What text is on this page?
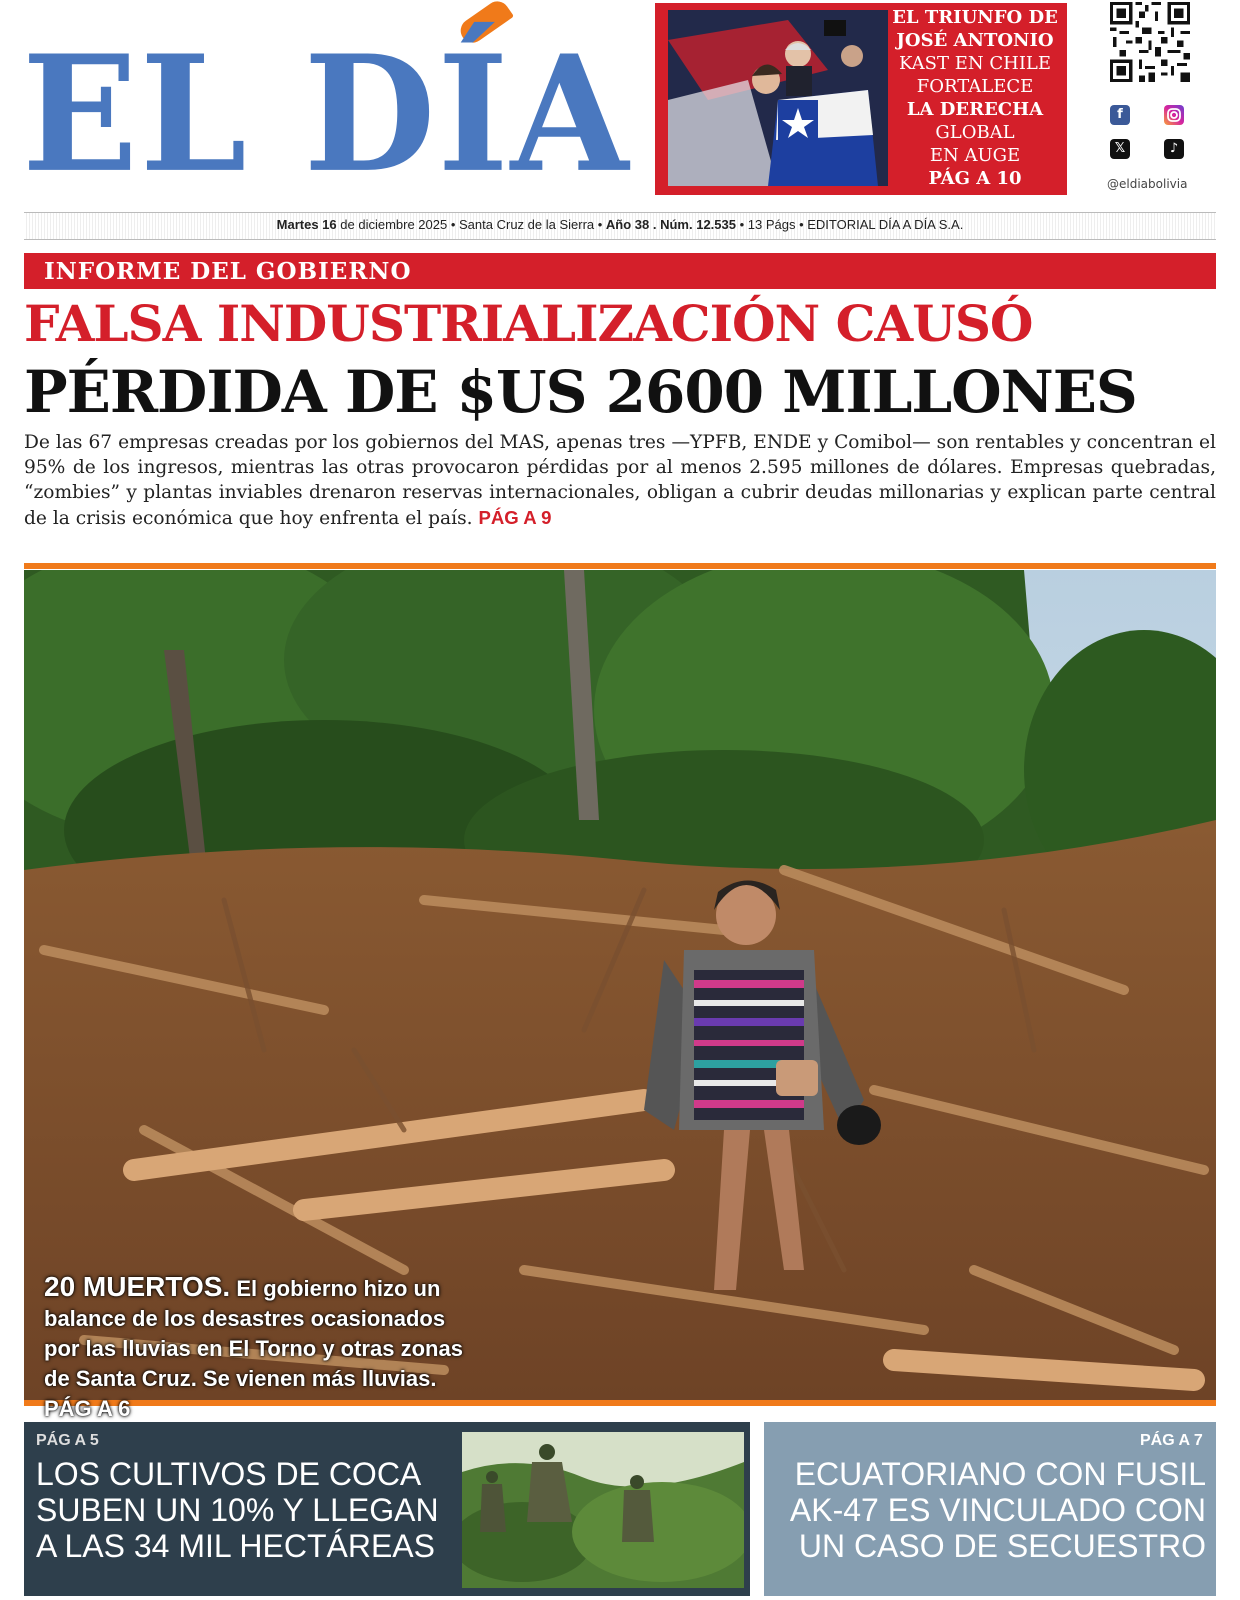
EL DÍA
EL TRIUNFO DE
JOSÉ ANTONIO
KAST EN CHILE
FORTALECE
LA DERECHA
GLOBAL
EN AUGE
PÁG A 10
f
𝕏	♪
@eldiabolivia
Martes 16 de diciembre 2025 • Santa Cruz de la Sierra • Año 38 . Núm. 12.535 • 13 Págs • EDITORIAL DÍA A DÍA S.A.
INFORME DEL GOBIERNO
FALSA INDUSTRIALIZACIÓN CAUSÓ
PÉRDIDA DE $US 2600 MILLONES
De las 67 empresas creadas por los gobiernos del MAS, apenas tres —YPFB, ENDE y Comibol— son rentables y concentran el 95% de los ingresos, mientras las otras provocaron pérdidas por al menos 2.595 millones de dólares. Empresas quebradas, “zombies” y plantas inviables drenaron reservas internacionales, obligan a cubrir deudas millonarias y explican parte central de la crisis económica que hoy enfrenta el país. PÁG A 9
20 MUERTOS. El gobierno hizo un balance de los desastres ocasionados por las lluvias en El Torno y otras zonas de Santa Cruz. Se vienen más lluvias. PÁG A 6
PÁG A 5
LOS CULTIVOS DE COCA SUBEN UN 10% Y LLEGAN A LAS 34 MIL HECTÁREAS
PÁG A 7
ECUATORIANO CON FUSIL AK-47 ES VINCULADO CON UN CASO DE SECUESTRO
